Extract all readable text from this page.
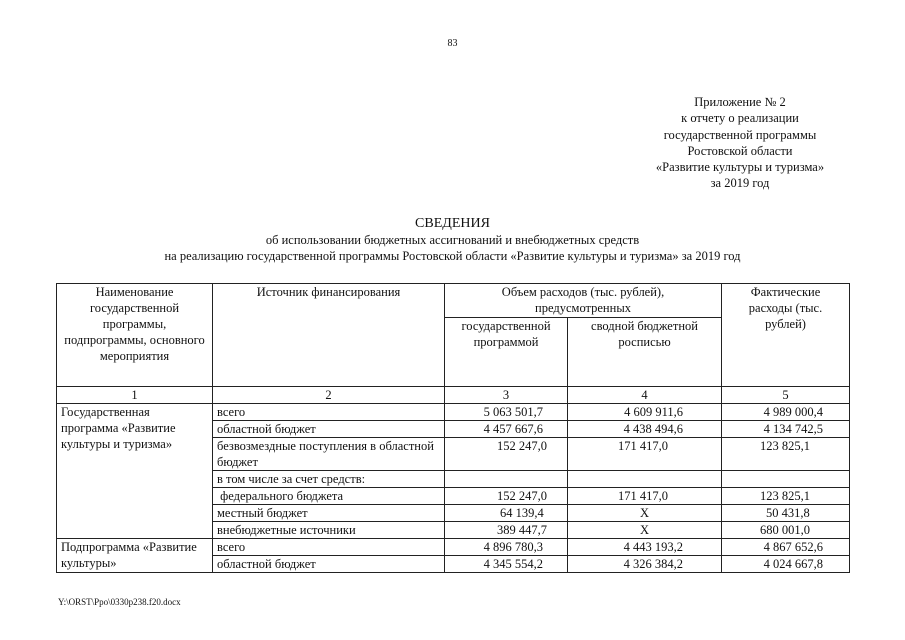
83
Приложение № 2
к отчету о реализации
государственной программы
Ростовской области
«Развитие культуры и туризма»
за 2019 год
СВЕДЕНИЯ
об использовании бюджетных ассигнований и внебюджетных средств
на реализацию государственной программы Ростовской области «Развитие культуры и туризма» за 2019 год
Наименование государственной программы, подпрограммы, основного мероприятия	Источник финансирования	Объем расходов (тыс. рублей), предусмотренных		Фактические расходы (тыс. рублей)
		государственной программой	сводной бюджетной росписью	
1	2	3	4	5
Государственная программа «Развитие культуры и туризма»	всего	5 063 501,7	4 609 911,6	4 989 000,4
	областной бюджет	4 457 667,6	4 438 494,6	4 134 742,5
	безвозмездные поступления в областной бюджет	152 247,0	171 417,0	123 825,1
	в том числе за счет средств:			
	федерального бюджета	152 247,0	171 417,0	123 825,1
	местный бюджет	64 139,4	X	50 431,8
	внебюджетные источники	389 447,7	X	680 001,0
Подпрограмма «Развитие культуры»	всего	4 896 780,3	4 443 193,2	4 867 652,6
	областной бюджет	4 345 554,2	4 326 384,2	4 024 667,8
Y:\ORST\Ppo\0330p238.f20.docx
